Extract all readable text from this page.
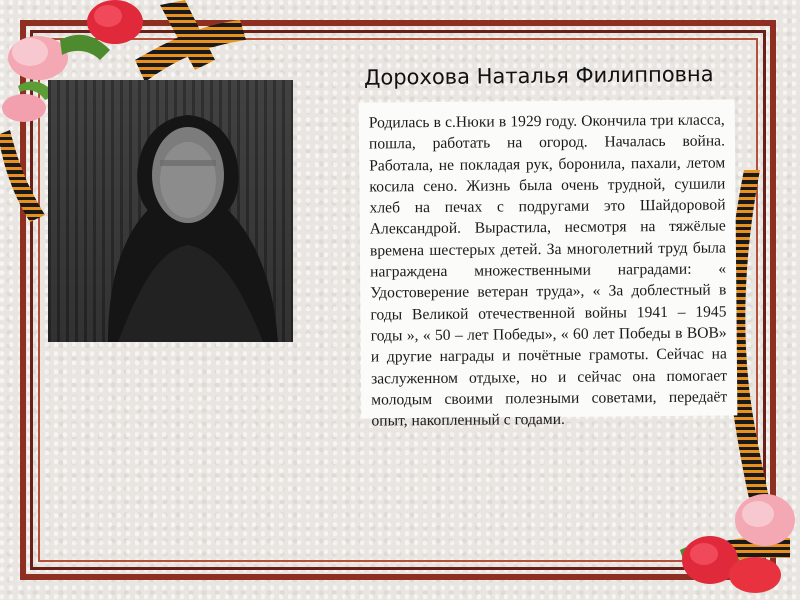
Дорохова Наталья Филипповна

Родилась в с.Нюки в 1929 году. Окончила три класса, пошла, работать на огород. Началась война. Работала, не покладая рук, боронила, пахали, летом косила сено. Жизнь была очень трудной, сушили хлеб на печах с подругами это Шайдоровой Александрой. Вырастила, несмотря на тяжёлые времена шестерых детей. За многолетний труд была награждена множественными наградами: « Удостоверение ветеран труда», « За доблестный в годы Великой отечественной войны 1941 – 1945 годы », « 50 – лет Победы», « 60 лет Победы в ВОВ» и другие награды и почётные грамоты. Сейчас на заслуженном отдыхе, но и сейчас она помогает молодым своими полезными советами, передаёт опыт, накопленный с годами.
